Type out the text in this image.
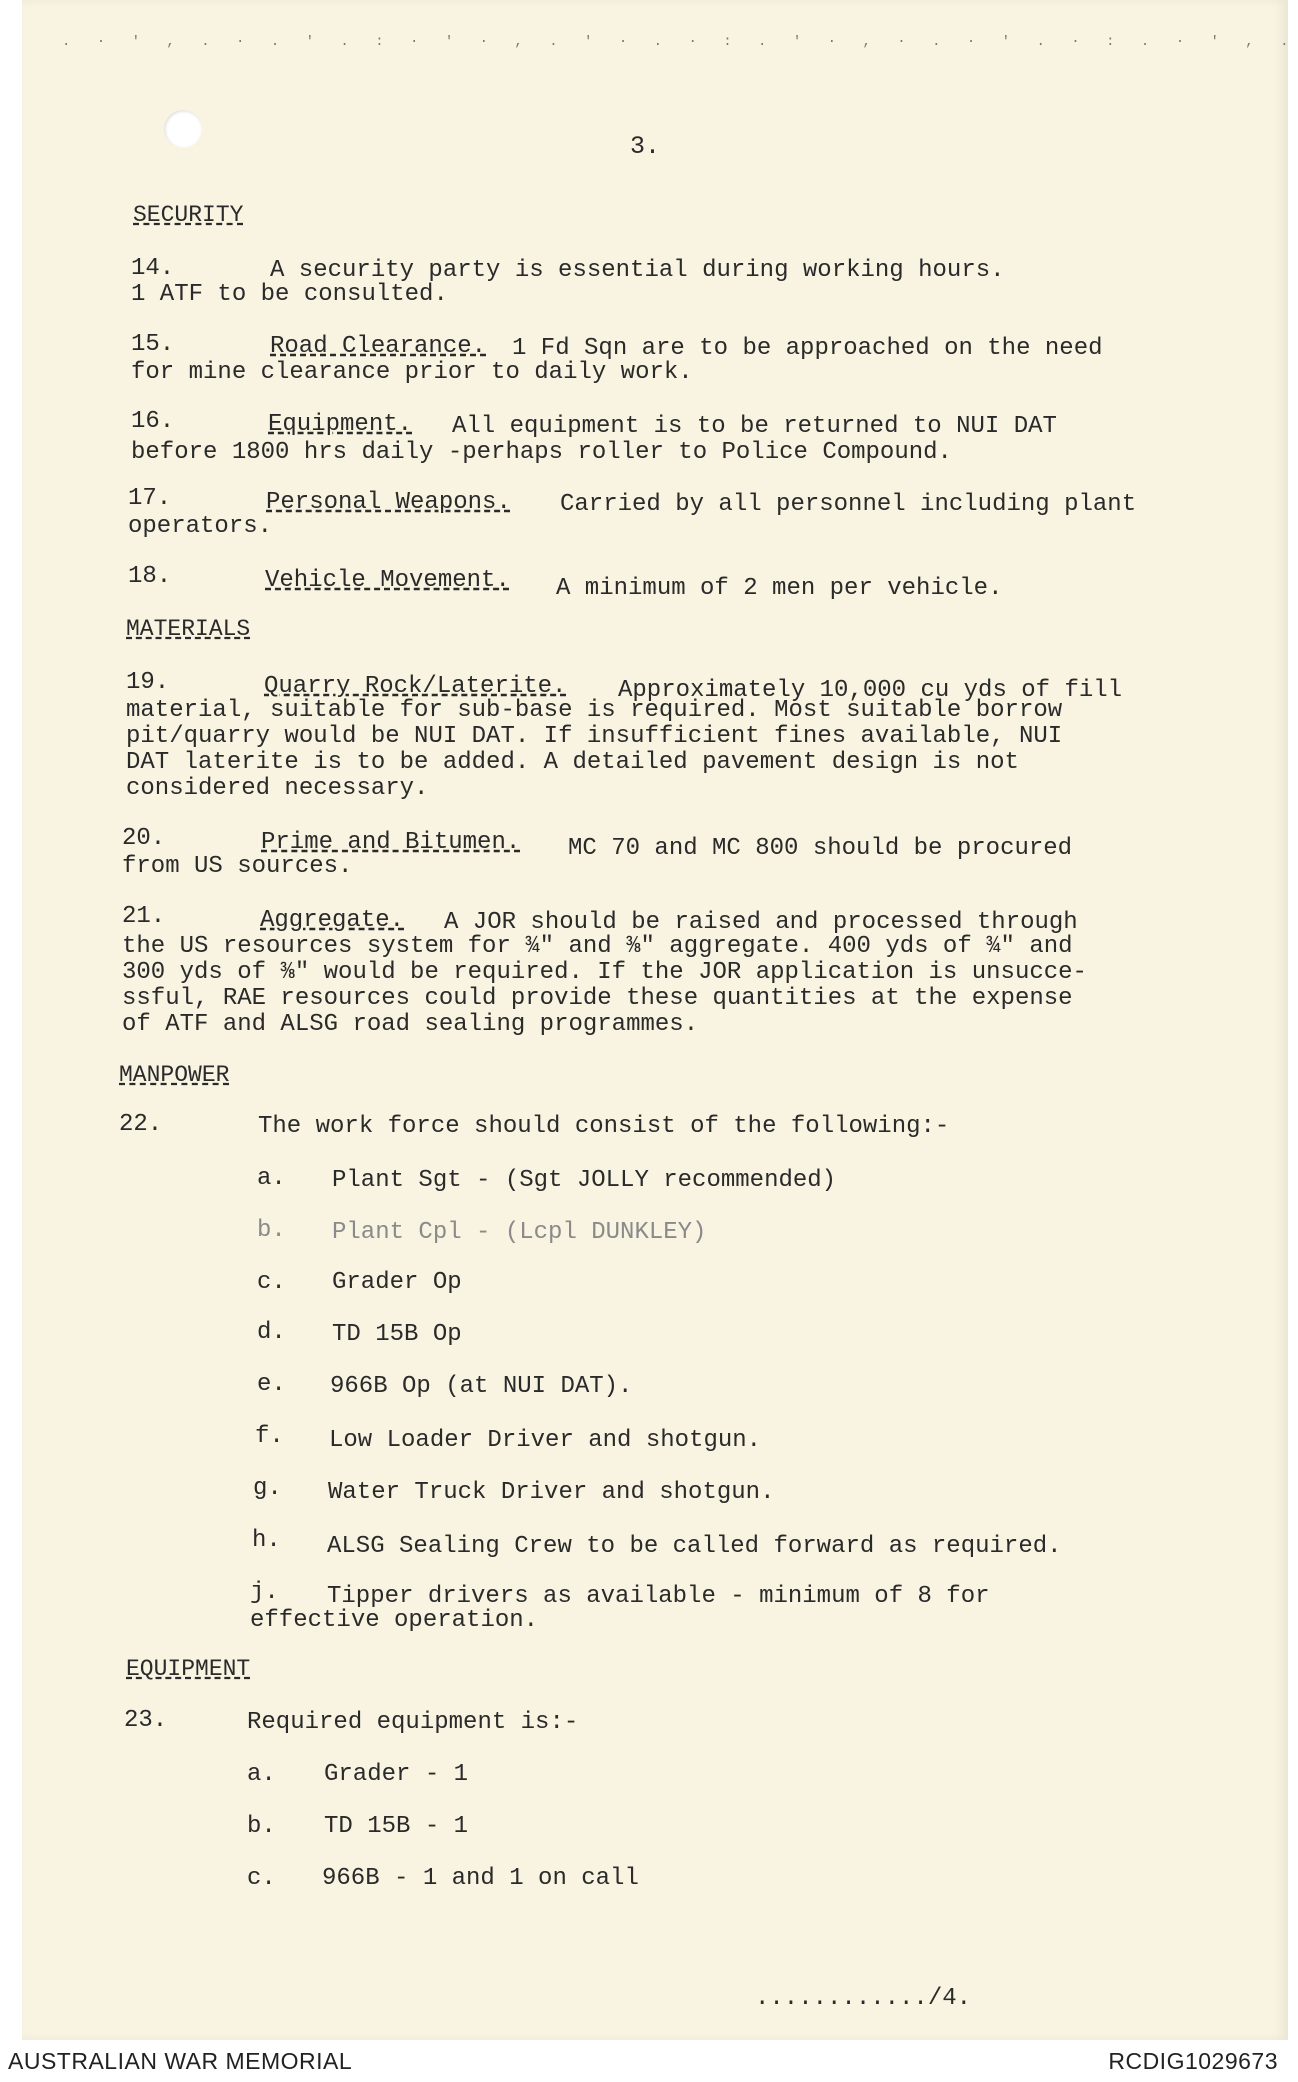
. · ' , . · . ' . : · ' · , . ' · . · : . ' · , · . · ' . · : . · ' , .
3.
SECURITY
14.	A security party is essential during working hours.
1 ATF to be consulted.
15.	Road Clearance. 1 Fd Sqn are to be approached on the need
for mine clearance prior to daily work.
16.	Equipment. All equipment is to be returned to NUI DAT
before 1800 hrs daily -perhaps roller to Police Compound.
17.	Personal Weapons. Carried by all personnel including plant
operators.
18.	Vehicle Movement. A minimum of 2 men per vehicle.
MATERIALS
19.	Quarry Rock/Laterite. Approximately 10,000 cu yds of fill
material, suitable for sub-base is required. Most suitable borrow
pit/quarry would be NUI DAT. If insufficient fines available, NUI
DAT laterite is to be added. A detailed pavement design is not
considered necessary.
20.	Prime and Bitumen. MC 70 and MC 800 should be procured
from US sources.
21.	Aggregate. A JOR should be raised and processed through
the US resources system for ¾" and ⅜" aggregate. 400 yds of ¾" and
300 yds of ⅜" would be required. If the JOR application is unsucce-
ssful, RAE resources could provide these quantities at the expense
of ATF and ALSG road sealing programmes.
MANPOWER
22.	The work force should consist of the following:-
a. Plant Sgt - (Sgt JOLLY recommended)
b. Plant Cpl - (Lcpl DUNKLEY)
c. Grader Op
d. TD 15B Op
e. 966B Op (at NUI DAT).
f. Low Loader Driver and shotgun.
g. Water Truck Driver and shotgun.
h. ALSG Sealing Crew to be called forward as required.
j. Tipper drivers as available - minimum of 8 for
effective operation.
EQUIPMENT
23.	Required equipment is:-
a. Grader - 1
b. TD 15B - 1
c. 966B - 1 and 1 on call
............/4.
AUSTRALIAN WAR MEMORIAL	RCDIG1029673
